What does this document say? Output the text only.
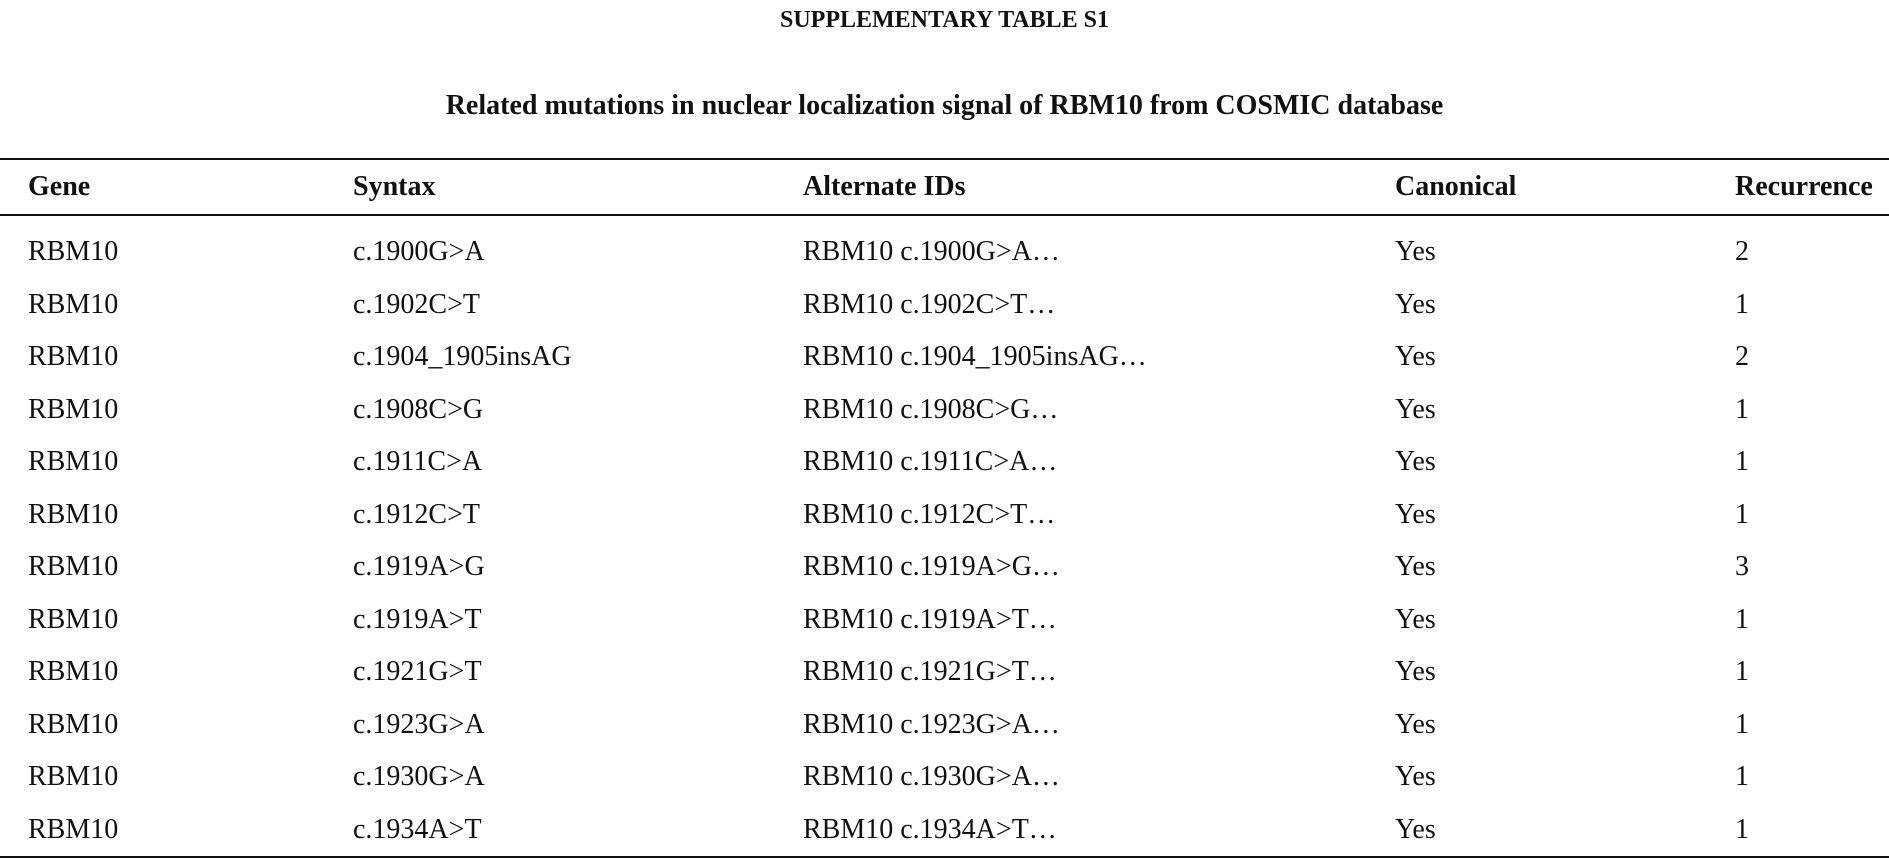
SUPPLEMENTARY TABLE S1
Related mutations in nuclear localization signal of RBM10 from COSMIC database
Gene	Syntax	Alternate IDs	Canonical	Recurrence
RBM10	c.1900G>A	RBM10 c.1900G>A…	Yes	2
RBM10	c.1902C>T	RBM10 c.1902C>T…	Yes	1
RBM10	c.1904_1905insAG	RBM10 c.1904_1905insAG…	Yes	2
RBM10	c.1908C>G	RBM10 c.1908C>G…	Yes	1
RBM10	c.1911C>A	RBM10 c.1911C>A…	Yes	1
RBM10	c.1912C>T	RBM10 c.1912C>T…	Yes	1
RBM10	c.1919A>G	RBM10 c.1919A>G…	Yes	3
RBM10	c.1919A>T	RBM10 c.1919A>T…	Yes	1
RBM10	c.1921G>T	RBM10 c.1921G>T…	Yes	1
RBM10	c.1923G>A	RBM10 c.1923G>A…	Yes	1
RBM10	c.1930G>A	RBM10 c.1930G>A…	Yes	1
RBM10	c.1934A>T	RBM10 c.1934A>T…	Yes	1
